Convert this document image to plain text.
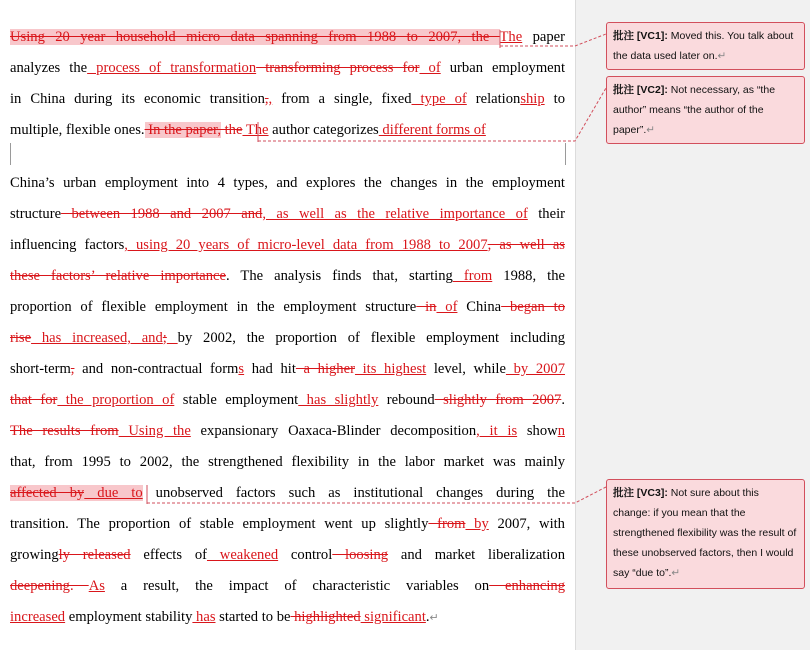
Using 20 year household micro data spanning from 1988 to 2007, the The paper
analyzes the process of transformation transforming process for of urban employment
in China during its economic transition,, from a single, fixed type of relationship to
multiple, flexible ones. In the paper, the The author categorizes different forms of
China’s urban employment into 4 types, and explores the changes in the employment
structure between 1988 and 2007 and, as well as the relative importance of their
influencing factors, using 20 years of micro-level data from 1988 to 2007, as well as
these factors’ relative importance. The analysis finds that, starting from 1988, the
proportion of flexible employment in the employment structure in of China began to
rise has increased, and; by 2002, the proportion of flexible employment including
short-term, and non-contractual forms had hit a higher its highest level, while by 2007
that for the proportion of stable employment has slightly rebound slightly from 2007.
The results from Using the expansionary Oaxaca-Blinder decomposition, it is shown
that, from 1995 to 2002, the strengthened flexibility in the labor market was mainly
affected by due to unobserved factors such as institutional changes during the
transition. The proportion of stable employment went up slightly from by 2007, with
growingly released effects of weakened control loosing and market liberalization
deepening. As a result, the impact of characteristic variables on enhancing
increased employment stability has started to be highlighted significant.↵
批注 [VC1]: Moved this. You talk about the data used later on.↵
批注 [VC2]: Not necessary, as “the author” means “the author of the paper”.↵
批注 [VC3]: Not sure about this change: if you mean that the strengthened flexibility was the result of these unobserved factors, then I would say “due to”.↵
